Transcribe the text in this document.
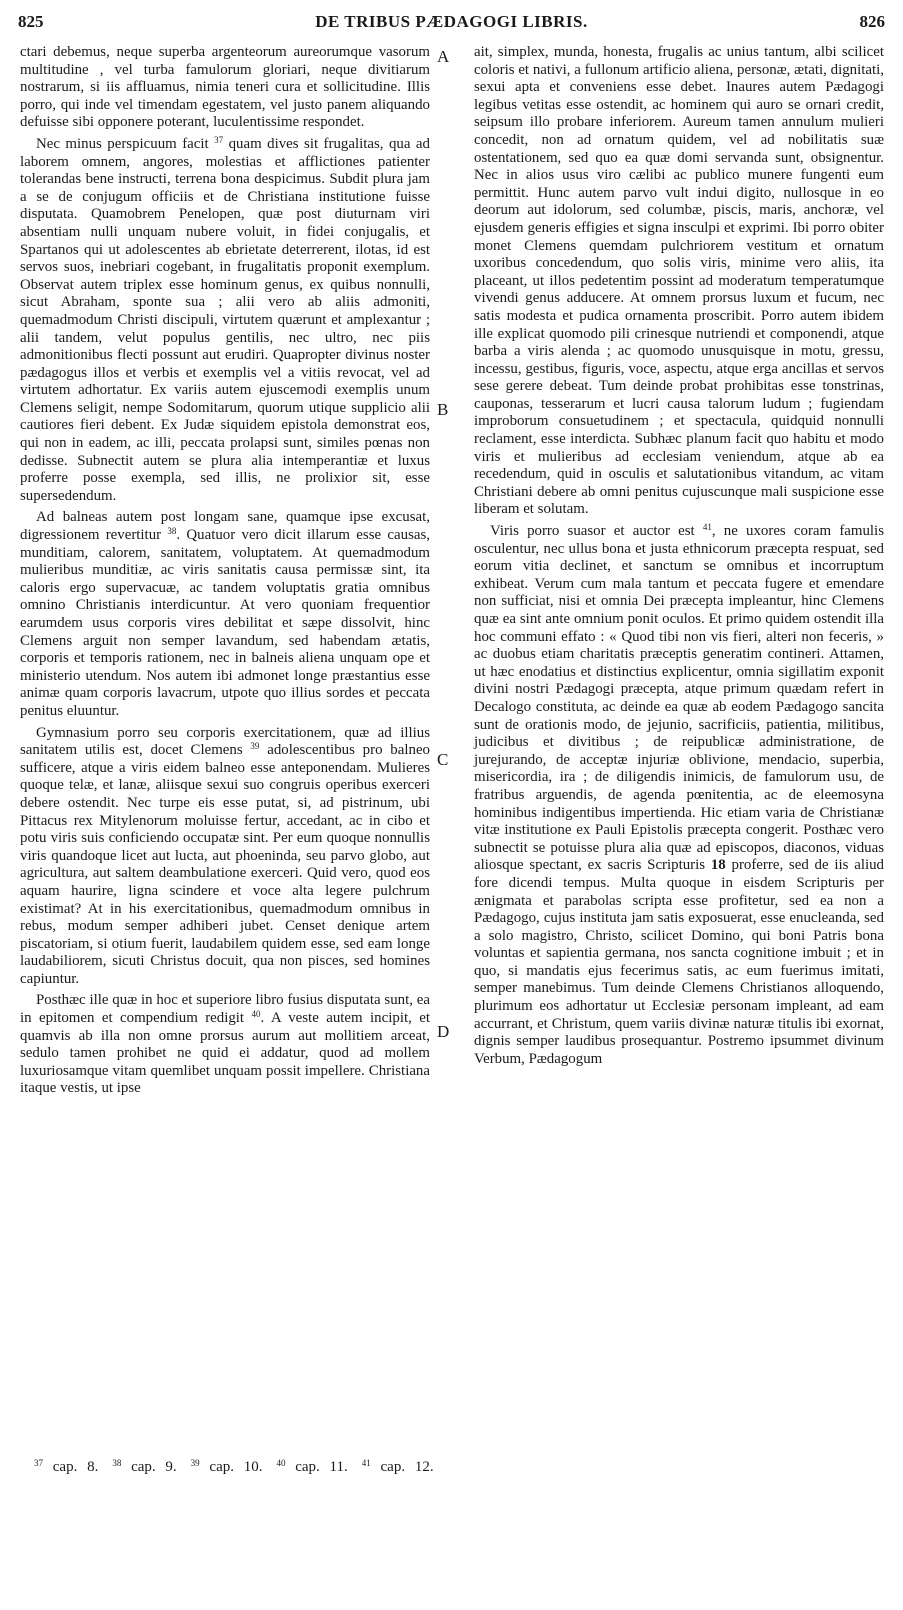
825	DE TRIBUS PÆDAGOGI LIBRIS.	826

ctari debemus, neque superba argenteorum aureorumque vasorum multitudine , vel turba famulorum gloriari, neque divitiarum nostrarum, si iis affluamus, nimia teneri cura et sollicitudine. Illis porro, qui inde vel timendam egestatem, vel justo panem aliquando defuisse sibi opponere poterant, luculentissime respondet.

Nec minus perspicuum facit $^{37}$ quam dives sit frugalitas, qua ad laborem omnem, angores, molestias et afflictiones patienter tolerandas bene instructi, terrena bona despicimus. Subdit plura jam a se de conjugum officiis et de Christiana institutione fuisse disputata. Quamobrem Penelopen, quæ post diuturnam viri absentiam nulli unquam nubere voluit, in fidei conjugalis, et Spartanos qui ut adolescentes ab ebrietate deterrerent, ilotas, id est servos suos, inebriari cogebant, in frugalitatis proponit exemplum. Observat autem triplex esse hominum genus, ex quibus nonnulli, sicut Abraham, sponte sua ; alii vero ab aliis admoniti, quemadmodum Christi discipuli, virtutem quærunt et amplexantur ; alii tandem, velut populus gentilis, nec ultro, nec piis admonitionibus flecti possunt aut erudiri. Quapropter divinus noster pædagogus illos et verbis et exemplis vel a vitiis revocat, vel ad virtutem adhortatur. Ex variis autem ejuscemodi exemplis unum Clemens seligit, nempe Sodomitarum, quorum utique supplicio alii cautiores fieri debent. Ex Judæ siquidem epistola demonstrat eos, qui non in eadem, ac illi, peccata prolapsi sunt, similes pœnas non dedisse. Subnectit autem se plura alia intemperantiæ et luxus proferre posse exempla, sed illis, ne prolixior sit, esse supersedendum.

Ad balneas autem post longam sane, quamque ipse excusat, digressionem revertitur $^{38}$. Quatuor vero dicit illarum esse causas, munditiam, calorem, sanitatem, voluptatem. At quemadmodum mulieribus munditiæ, ac viris sanitatis causa permissæ sint, ita caloris ergo supervacuæ, ac tandem voluptatis gratia omnibus omnino Christianis interdicuntur. At vero quoniam frequentior earumdem usus corporis vires debilitat et sæpe dissolvit, hinc Clemens arguit non semper lavandum, sed habendam ætatis, corporis et temporis rationem, nec in balneis aliena unquam ope et ministerio utendum. Nos autem ibi admonet longe præstantius esse animæ quam corporis lavacrum, utpote quo illius sordes et peccata penitus eluuntur.

Gymnasium porro seu corporis exercitationem, quæ ad illius sanitatem utilis est, docet Clemens $^{39}$ adolescentibus pro balneo sufficere, atque a viris eidem balneo esse anteponendam. Mulieres quoque telæ, et lanæ, aliisque sexui suo congruis operibus exerceri debere ostendit. Nec turpe eis esse putat, si, ad pistrinum, ubi Pittacus rex Mitylenorum moluisse fertur, accedant, ac in cibo et potu viris suis conficiendo occupatæ sint. Per eum quoque nonnullis viris quandoque licet aut lucta, aut phoeninda, seu parvo globo, aut agricultura, aut saltem deambulatione exerceri. Quid vero, quod eos aquam haurire, ligna scindere et voce alta legere pulchrum existimat? At in his exercitationibus, quemadmodum omnibus in rebus, modum semper adhiberi jubet. Censet denique artem piscatoriam, si otium fuerit, laudabilem quidem esse, sed eam longe laudabiliorem, sicuti Christus docuit, qua non pisces, sed homines capiuntur.

Posthæc ille quæ in hoc et superiore libro fusius disputata sunt, ea in epitomen et compendium redigit $^{40}$. A veste autem incipit, et quamvis ab illa non omne prorsus aurum aut mollitiem arceat, sedulo tamen prohibet ne quid ei addatur, quod ad mollem luxuriosamque vitam quemlibet unquam possit impellere. Christiana itaque vestis, ut ipse

ait, simplex, munda, honesta, frugalis ac unius tantum, albi scilicet coloris et nativi, a fullonum artificio aliena, personæ, ætati, dignitati, sexui apta et conveniens esse debet. Inaures autem Pædagogi legibus vetitas esse ostendit, ac hominem qui auro se ornari credit, seipsum illo probare inferiorem. Aureum tamen annulum mulieri concedit, non ad ornatum quidem, vel ad nobilitatis suæ ostentationem, sed quo ea quæ domi servanda sunt, obsignentur. Nec in alios usus viro cælibi ac publico munere fungenti eum permittit. Hunc autem parvo vult indui digito, nullosque in eo deorum aut idolorum, sed columbæ, piscis, maris, anchoræ, vel ejusdem generis effigies et signa insculpi et exprimi. Ibi porro obiter monet Clemens quemdam pulchriorem vestitum et ornatum uxoribus concedendum, quo solis viris, minime vero aliis, ita placeant, ut illos pedetentim possint ad moderatum temperatumque vivendi genus adducere. At omnem prorsus luxum et fucum, nec satis modesta et pudica ornamenta proscribit. Porro autem ibidem ille explicat quomodo pili crinesque nutriendi et componendi, atque barba a viris alenda ; ac quomodo unusquisque in motu, gressu, incessu, gestibus, figuris, voce, aspectu, atque erga ancillas et servos sese gerere debeat. Tum deinde probat prohibitas esse tonstrinas, cauponas, tesserarum et lucri causa talorum ludum ; fugiendam improborum consuetudinem ; et spectacula, quidquid nonnulli reclament, esse interdicta. Subhæc planum facit quo habitu et modo viris et mulieribus ad ecclesiam veniendum, atque ab ea recedendum, quid in osculis et salutationibus vitandum, ac vitam Christiani debere ab omni penitus cujuscunque mali suspicione esse liberam et solutam.

Viris porro suasor et auctor est $^{41}$, ne uxores coram famulis osculentur, nec ullus bona et justa ethnicorum præcepta respuat, sed eorum vitia declinet, et sanctum se omnibus et incorruptum exhibeat. Verum cum mala tantum et peccata fugere et emendare non sufficiat, nisi et omnia Dei præcepta impleantur, hinc Clemens quæ ea sint ante omnium ponit oculos. Et primo quidem ostendit illa hoc communi effato : « Quod tibi non vis fieri, alteri non feceris, » ac duobus etiam charitatis præceptis generatim contineri. Attamen, ut hæc enodatius et distinctius explicentur, omnia sigillatim exponit divini nostri Pædagogi præcepta, atque primum quædam refert in Decalogo constituta, ac deinde ea quæ ab eodem Pædagogo sancita sunt de orationis modo, de jejunio, sacrificiis, patientia, militibus, judicibus et divitibus ; de reipublicæ administratione, de jurejurando, de acceptæ injuriæ oblivione, mendacio, superbia, misericordia, ira ; de diligendis inimicis, de famulorum usu, de fratribus arguendis, de agenda pœnitentia, ac de eleemosyna hominibus indigentibus impertienda. Hic etiam varia de Christianæ vitæ institutione ex Pauli Epistolis præcepta congerit. Posthæc vero subnectit se potuisse plura alia quæ ad episcopos, diaconos, viduas aliosque spectant, ex sacris Scripturis 18 proferre, sed de iis aliud fore dicendi tempus. Multa quoque in eisdem Scripturis per ænigmata et parabolas scripta esse profitetur, sed ea non a Pædagogo, cujus instituta jam satis exposuerat, esse enucleanda, sed a solo magistro, Christo, scilicet Domino, qui boni Patris bona voluntas et sapientia germana, nos sancta cognitione imbuit ; et in quo, si mandatis ejus fecerimus satis, ac eum fuerimus imitati, semper manebimus. Tum deinde Clemens Christianos alloquendo, plurimum eos adhortatur ut Ecclesiæ personam impleant, ad eam accurrant, et Christum, quem variis divinæ naturæ titulis ibi exornat, dignis semper laudibus prosequantur. Postremo ipsummet divinum Verbum, Pædagogum

A
B
C
D
$^{37}$ cap. 8. $^{38}$ cap. 9. $^{39}$ cap. 10. $^{40}$ cap. 11. $^{41}$ cap. 12.
